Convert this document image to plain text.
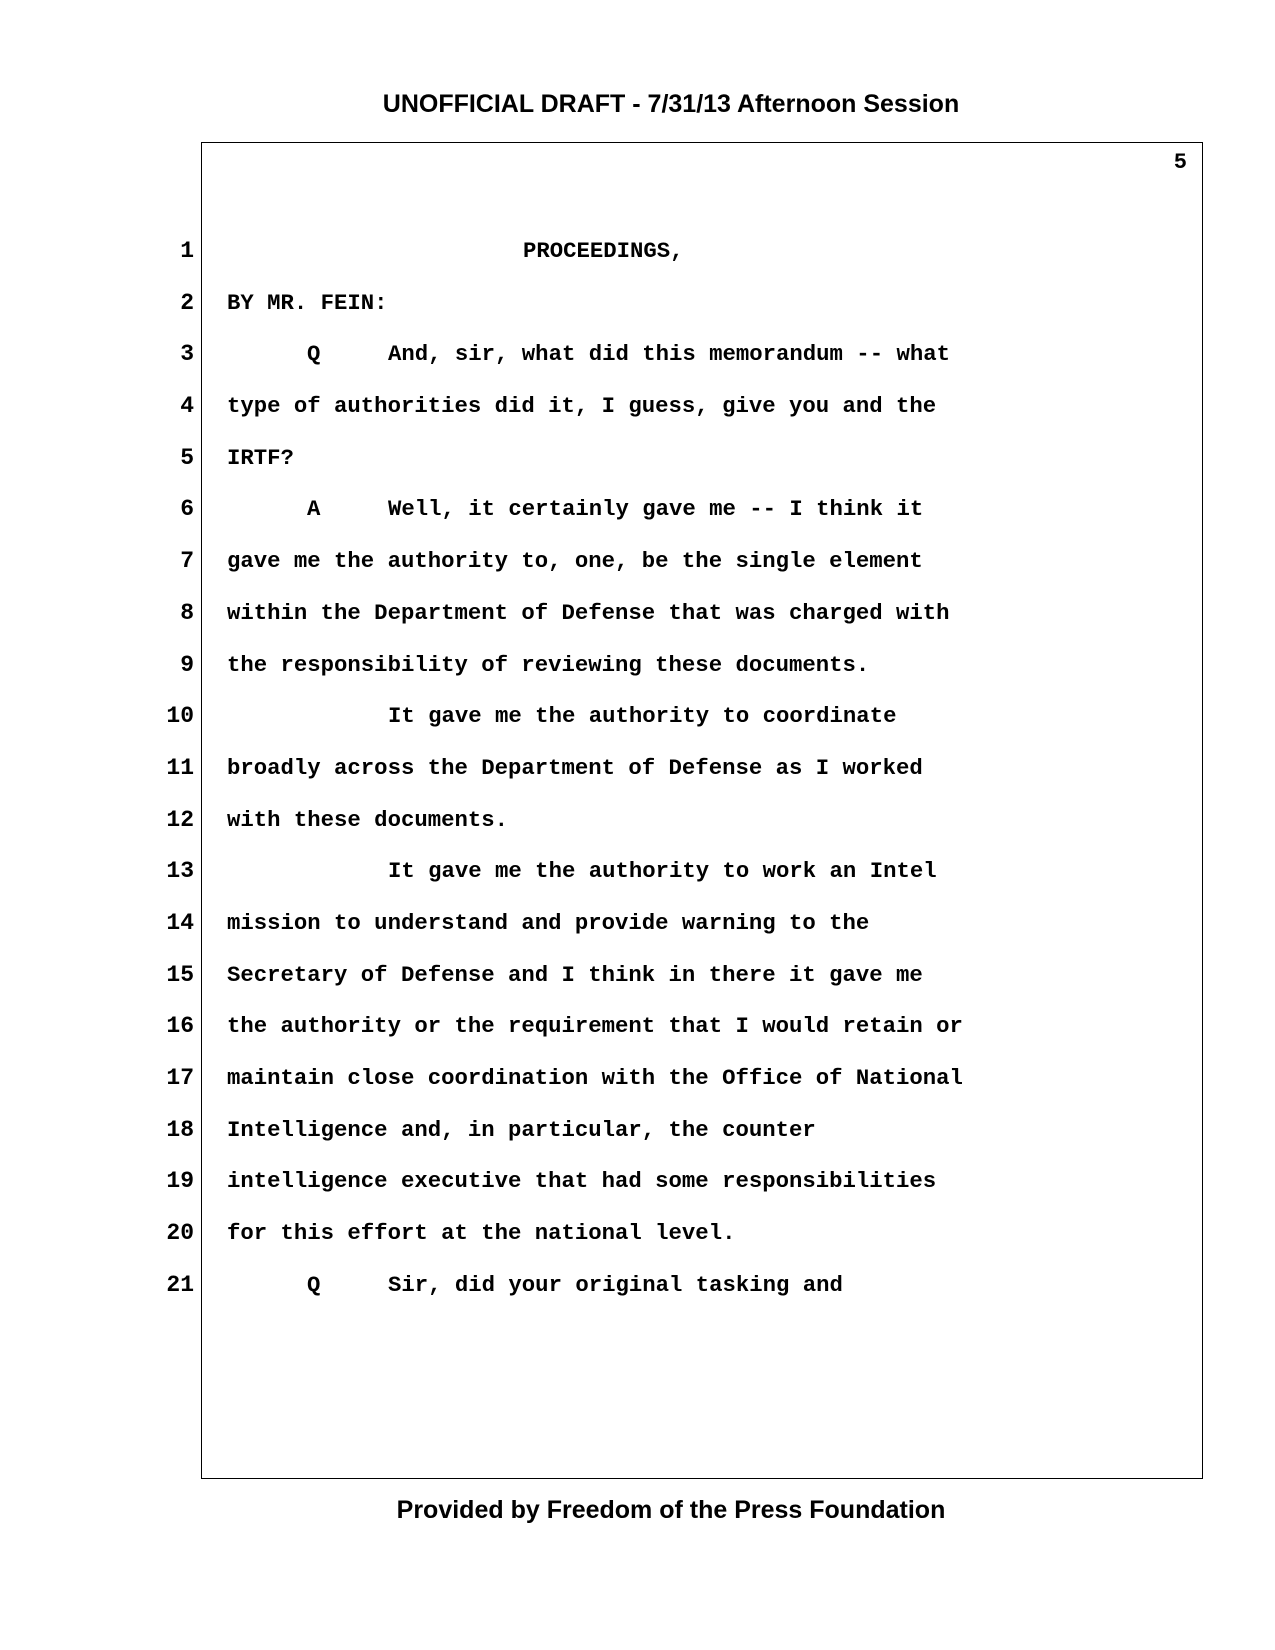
UNOFFICIAL DRAFT - 7/31/13 Afternoon Session
5
1	PROCEEDINGS,
2 BY MR. FEIN:
3	Q	And, sir, what did this memorandum -- what
4 type of authorities did it, I guess, give you and the
5 IRTF?
6	A	Well, it certainly gave me -- I think it
7 gave me the authority to, one, be the single element
8 within the Department of Defense that was charged with
9 the responsibility of reviewing these documents.
10	It gave me the authority to coordinate
11 broadly across the Department of Defense as I worked
12 with these documents.
13	It gave me the authority to work an Intel
14 mission to understand and provide warning to the
15 Secretary of Defense and I think in there it gave me
16 the authority or the requirement that I would retain or
17 maintain close coordination with the Office of National
18 Intelligence and, in particular, the counter
19 intelligence executive that had some responsibilities
20 for this effort at the national level.
21	Q	Sir, did your original tasking and
Provided by Freedom of the Press Foundation
